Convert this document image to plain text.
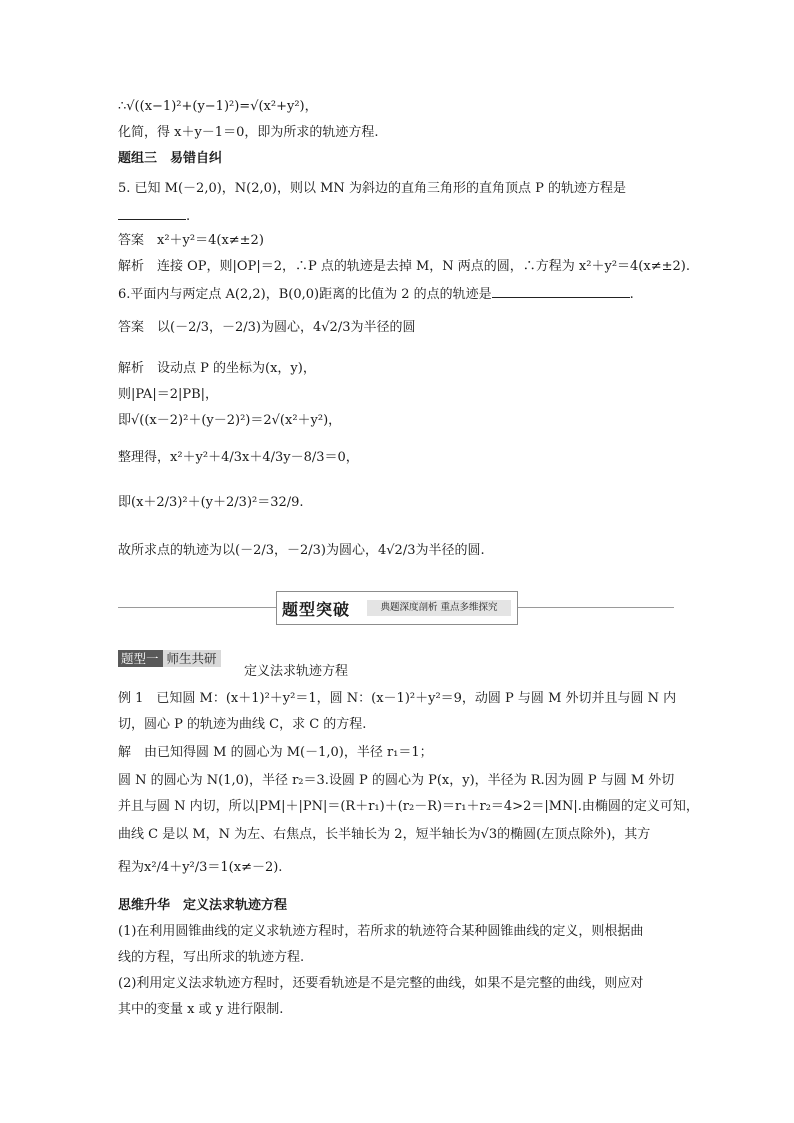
∴√((x−1)²+(y−1)²)=√(x²+y²)，
化简，得 x＋y－1＝0，即为所求的轨迹方程.
题组三　易错自纠
5. 已知 M(－2,0)，N(2,0)，则以 MN 为斜边的直角三角形的直角顶点 P 的轨迹方程是
.
答案　x²＋y²＝4(x≠±2)
解析　连接 OP，则|OP|＝2，∴P 点的轨迹是去掉 M，N 两点的圆，∴方程为 x²＋y²＝4(x≠±2).
6.平面内与两定点 A(2,2)，B(0,0)距离的比值为 2 的点的轨迹是	.
答案　以(－2/3，－2/3)为圆心，4√2/3为半径的圆
解析　设动点 P 的坐标为(x，y)，
则|PA|＝2|PB|，
即√((x－2)²＋(y－2)²)＝2√(x²＋y²)，
整理得，x²＋y²＋4/3x＋4/3y－8/3＝0，
即(x＋2/3)²＋(y＋2/3)²＝32/9.
故所求点的轨迹为以(－2/3，－2/3)为圆心，4√2/3为半径的圆.
题型突破	典题深度剖析 重点多维探究
题型一 师生共研
定义法求轨迹方程
例 1　已知圆 M：(x＋1)²＋y²＝1，圆 N：(x－1)²＋y²＝9，动圆 P 与圆 M 外切并且与圆 N 内
切，圆心 P 的轨迹为曲线 C，求 C 的方程.
解　由已知得圆 M 的圆心为 M(－1,0)，半径 r₁＝1；
圆 N 的圆心为 N(1,0)，半径 r₂＝3.设圆 P 的圆心为 P(x，y)，半径为 R.因为圆 P 与圆 M 外切
并且与圆 N 内切，所以|PM|＋|PN|＝(R＋r₁)＋(r₂－R)＝r₁＋r₂＝4>2＝|MN|.由椭圆的定义可知，
曲线 C 是以 M，N 为左、右焦点，长半轴长为 2，短半轴长为√3的椭圆(左顶点除外)，其方
程为x²/4＋y²/3＝1(x≠－2).
思维升华　定义法求轨迹方程
(1)在利用圆锥曲线的定义求轨迹方程时，若所求的轨迹符合某种圆锥曲线的定义，则根据曲
线的方程，写出所求的轨迹方程.
(2)利用定义法求轨迹方程时，还要看轨迹是不是完整的曲线，如果不是完整的曲线，则应对
其中的变量 x 或 y 进行限制.
